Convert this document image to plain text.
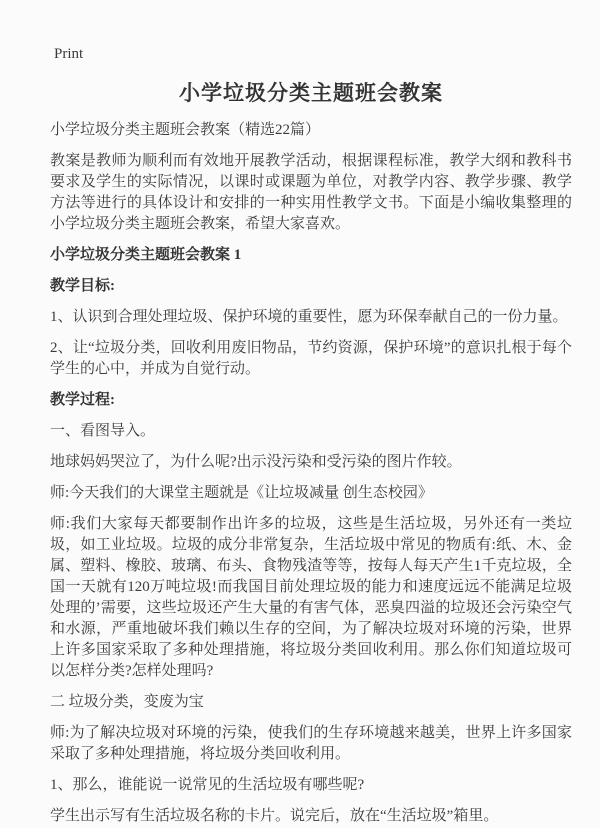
Print
小学垃圾分类主题班会教案

小学垃圾分类主题班会教案（精选22篇）

教案是教师为顺利而有效地开展教学活动，根据课程标准，教学大纲和教科书要求及学生的实际情况，以课时或课题为单位，对教学内容、教学步骤、教学方法等进行的具体设计和安排的一种实用性教学文书。下面是小编收集整理的小学垃圾分类主题班会教案，希望大家喜欢。

小学垃圾分类主题班会教案 1

教学目标:

1、认识到合理处理垃圾、保护环境的重要性，愿为环保奉献自己的一份力量。

2、让“垃圾分类，回收利用废旧物品，节约资源，保护环境”的意识扎根于每个学生的心中，并成为自觉行动。

教学过程:

一、看图导入。

地球妈妈哭泣了，为什么呢?出示没污染和受污染的图片作较。

师:今天我们的大课堂主题就是《让垃圾减量 创生态校园》

师:我们大家每天都要制作出许多的垃圾，这些是生活垃圾，另外还有一类垃圾，如工业垃圾。垃圾的成分非常复杂，生活垃圾中常见的物质有:纸、木、金属、塑料、橡胶、玻璃、布头、食物残渣等等，按每人每天产生1千克垃圾，全国一天就有120万吨垃圾!而我国目前处理垃圾的能力和速度远远不能满足垃圾处理的’需要，这些垃圾还产生大量的有害气体，恶臭四溢的垃圾还会污染空气和水源，严重地破坏我们赖以生存的空间，为了解决垃圾对环境的污染，世界上许多国家采取了多种处理措施，将垃圾分类回收利用。那么你们知道垃圾可以怎样分类?怎样处理吗?

二 垃圾分类，变废为宝

师:为了解决垃圾对环境的污染，使我们的生存环境越来越美，世界上许多国家采取了多种处理措施，将垃圾分类回收利用。

1、那么，谁能说一说常见的生活垃圾有哪些呢?

学生出示写有生活垃圾名称的卡片。说完后，放在“生活垃圾”箱里。
